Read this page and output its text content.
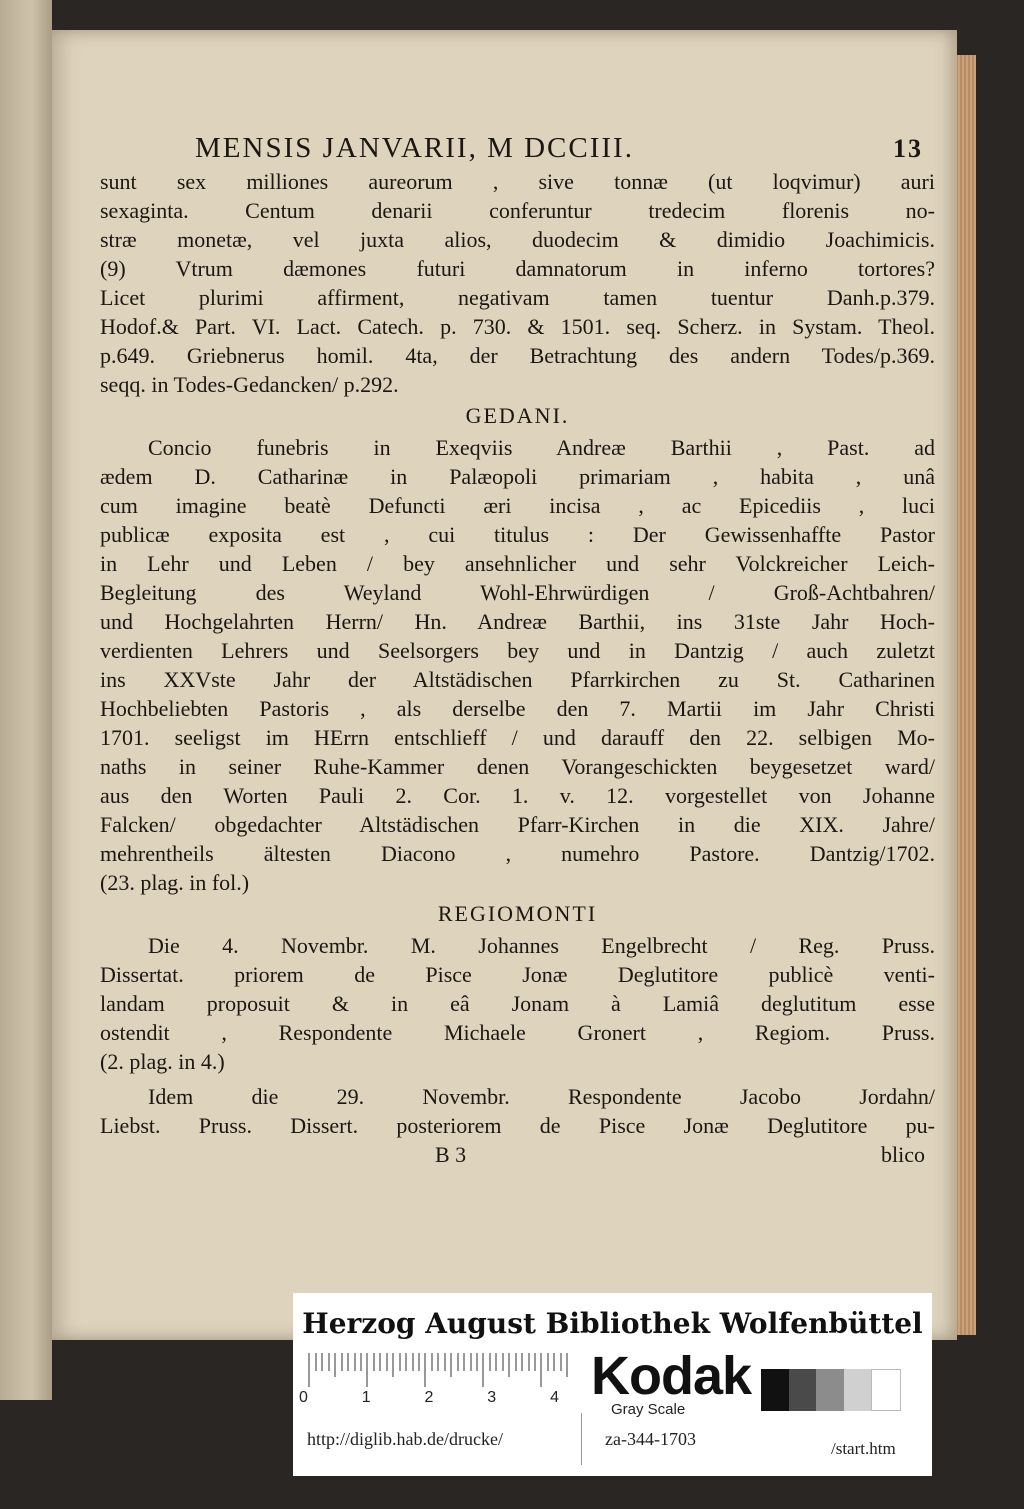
MENSIS JANVARII, M DCCIII.	13
sunt sex milliones aureorum , sive tonnæ (ut loqvimur) auri
sexaginta. Centum denarii conferuntur tredecim florenis no-
stræ monetæ, vel juxta alios, duodecim & dimidio Joachimicis.
(9) Vtrum dæmones futuri damnatorum in inferno tortores?
Licet plurimi affirment, negativam tamen tuentur Danh.p.379.
Hodof.& Part. VI. Lact. Catech. p. 730. & 1501. seq. Scherz. in Systam. Theol.
p.649. Griebnerus homil. 4ta, der Betrachtung des andern Todes/p.369.
seqq. in Todes-Gedancken/ p.292.
GEDANI.
Concio funebris in Exeqviis Andreæ Barthii , Past. ad
ædem D. Catharinæ in Palæopoli primariam , habita , unâ
cum imagine beatè Defuncti æri incisa , ac Epicediis , luci
publicæ exposita est , cui titulus : Der Gewissenhaffte Pastor
in Lehr und Leben / bey ansehnlicher und sehr Volckreicher Leich-
Begleitung des Weyland Wohl-Ehrwürdigen / Groß-Achtbahren/
und Hochgelahrten Herrn/ Hn. Andreæ Barthii, ins 31ste Jahr Hoch-
verdienten Lehrers und Seelsorgers bey und in Dantzig / auch zuletzt
ins XXVste Jahr der Altstädischen Pfarrkirchen zu St. Catharinen
Hochbeliebten Pastoris , als derselbe den 7. Martii im Jahr Christi
1701. seeligst im HErrn entschlieff / und darauff den 22. selbigen Mo-
naths in seiner Ruhe-Kammer denen Vorangeschickten beygesetzet ward/
aus den Worten Pauli 2. Cor. 1. v. 12. vorgestellet von Johanne
Falcken/ obgedachter Altstädischen Pfarr-Kirchen in die XIX. Jahre/
mehrentheils ältesten Diacono , numehro Pastore. Dantzig/1702.
(23. plag. in fol.)
REGIOMONTI
Die 4. Novembr. M. Johannes Engelbrecht / Reg. Pruss.
Dissertat. priorem de Pisce Jonæ Deglutitore publicè venti-
landam proposuit & in eâ Jonam à Lamiâ deglutitum esse
ostendit , Respondente Michaele Gronert , Regiom. Pruss.
(2. plag. in 4.)
Idem die 29. Novembr. Respondente Jacobo Jordahn/
Liebst. Pruss. Dissert. posteriorem de Pisce Jonæ Deglutitore pu-
B 3	blico
Herzog August Bibliothek Wolfenbüttel
0	1	2	3	4 Kodak
Gray Scale
http://diglib.hab.de/drucke/	za-344-1703	/start.htm
